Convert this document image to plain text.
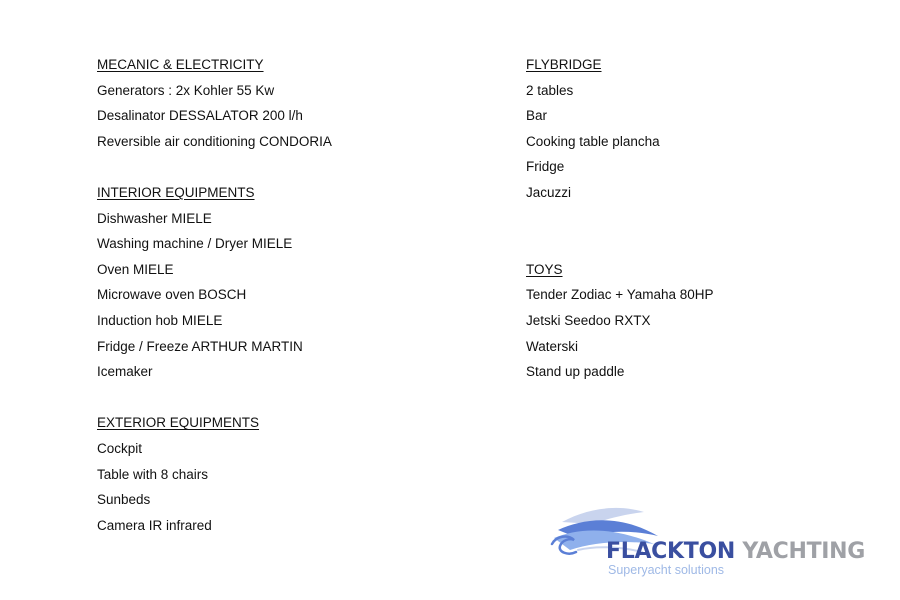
MECANIC & ELECTRICITY
Generators : 2x Kohler 55 Kw
Desalinator DESSALATOR 200 l/h
Reversible air conditioning CONDORIA
INTERIOR EQUIPMENTS
Dishwasher MIELE
Washing machine / Dryer MIELE
Oven MIELE
Microwave oven BOSCH
Induction hob MIELE
Fridge / Freeze ARTHUR MARTIN
Icemaker
EXTERIOR EQUIPMENTS
Cockpit
Table with 8 chairs
Sunbeds
Camera IR infrared
FLYBRIDGE
2 tables
Bar
Cooking table plancha
Fridge
Jacuzzi
TOYS
Tender Zodiac + Yamaha 80HP
Jetski Seedoo RXTX
Waterski
Stand up paddle
FLACKTON YACHTING
Superyacht solutions
